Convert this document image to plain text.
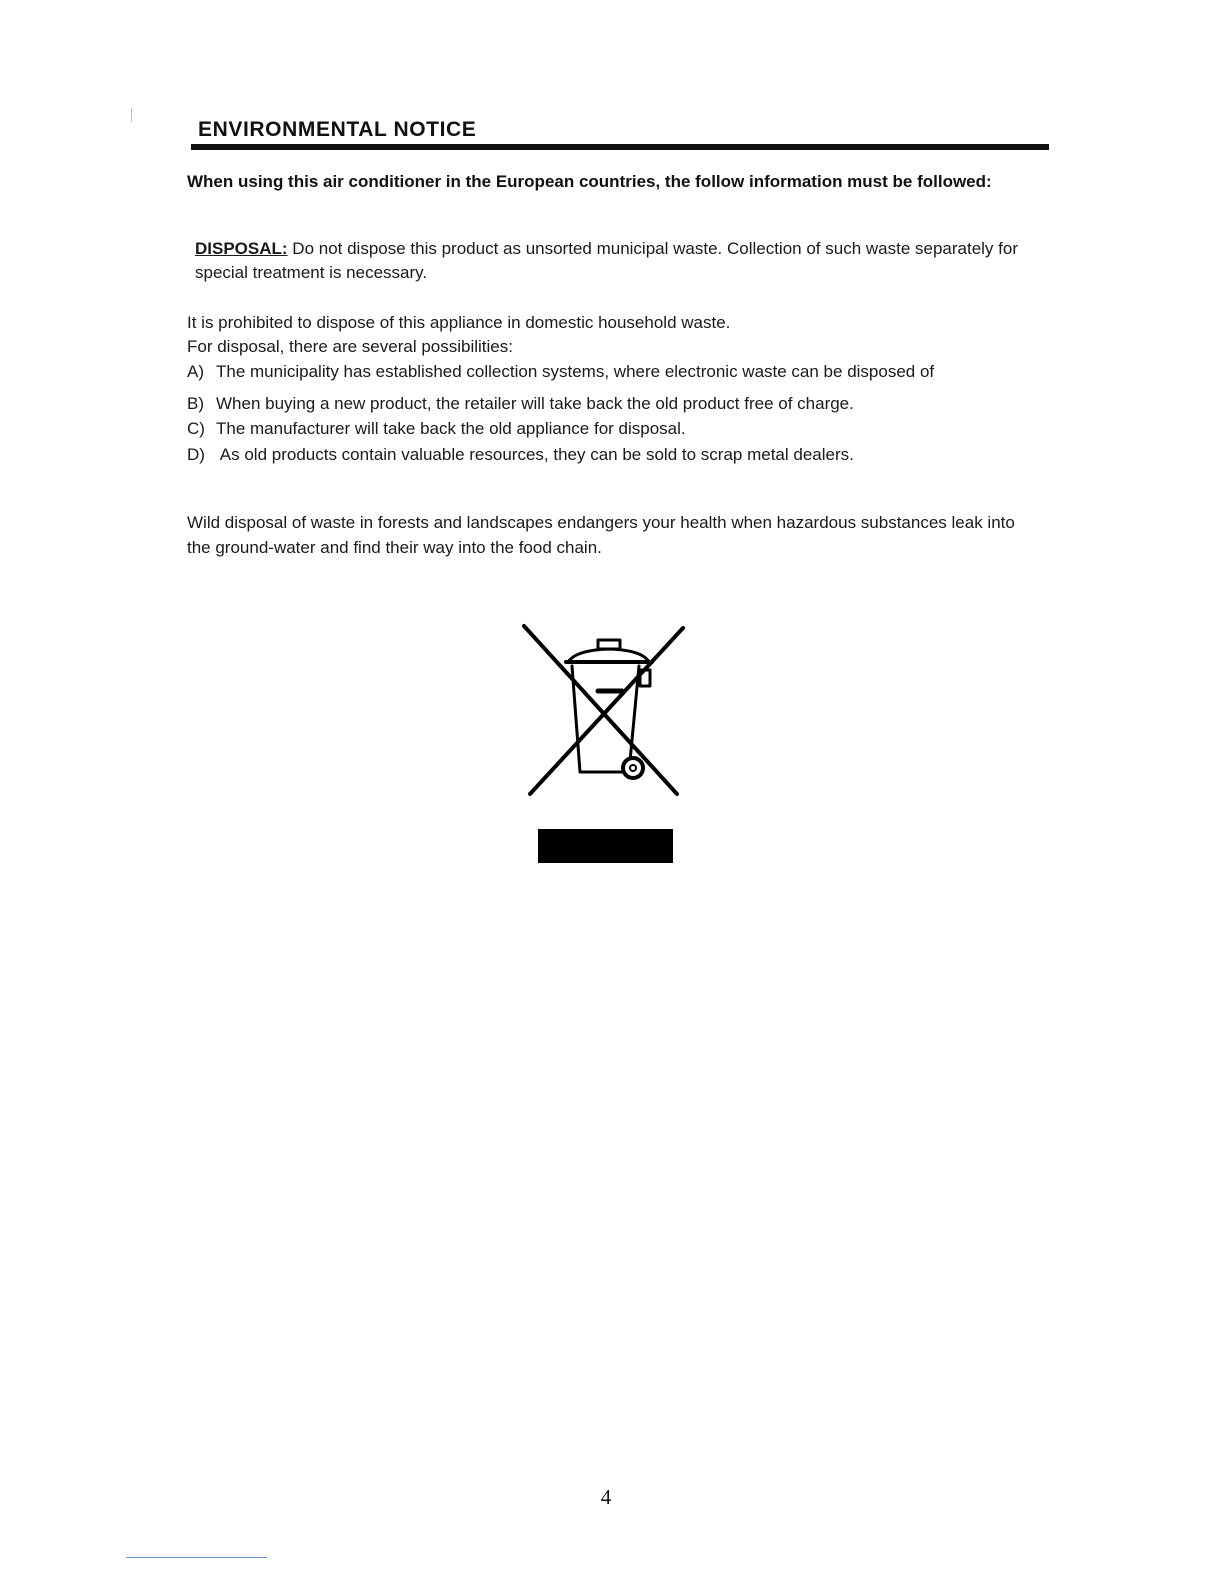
ENVIRONMENTAL NOTICE
When using this air conditioner in the European countries, the follow information must be followed:
DISPOSAL: Do not dispose this product as unsorted municipal waste. Collection of such waste separately for special treatment is necessary.
It is prohibited to dispose of this appliance in domestic household waste.
For disposal, there are several possibilities:
A) The municipality has established collection systems, where electronic waste can be disposed of
B) When buying a new product, the retailer will take back the old product free of charge.
C) The manufacturer will take back the old appliance for disposal.
D) As old products contain valuable resources, they can be sold to scrap metal dealers.
Wild disposal of waste in forests and landscapes endangers your health when hazardous substances leak into the ground-water and find their way into the food chain.
4
